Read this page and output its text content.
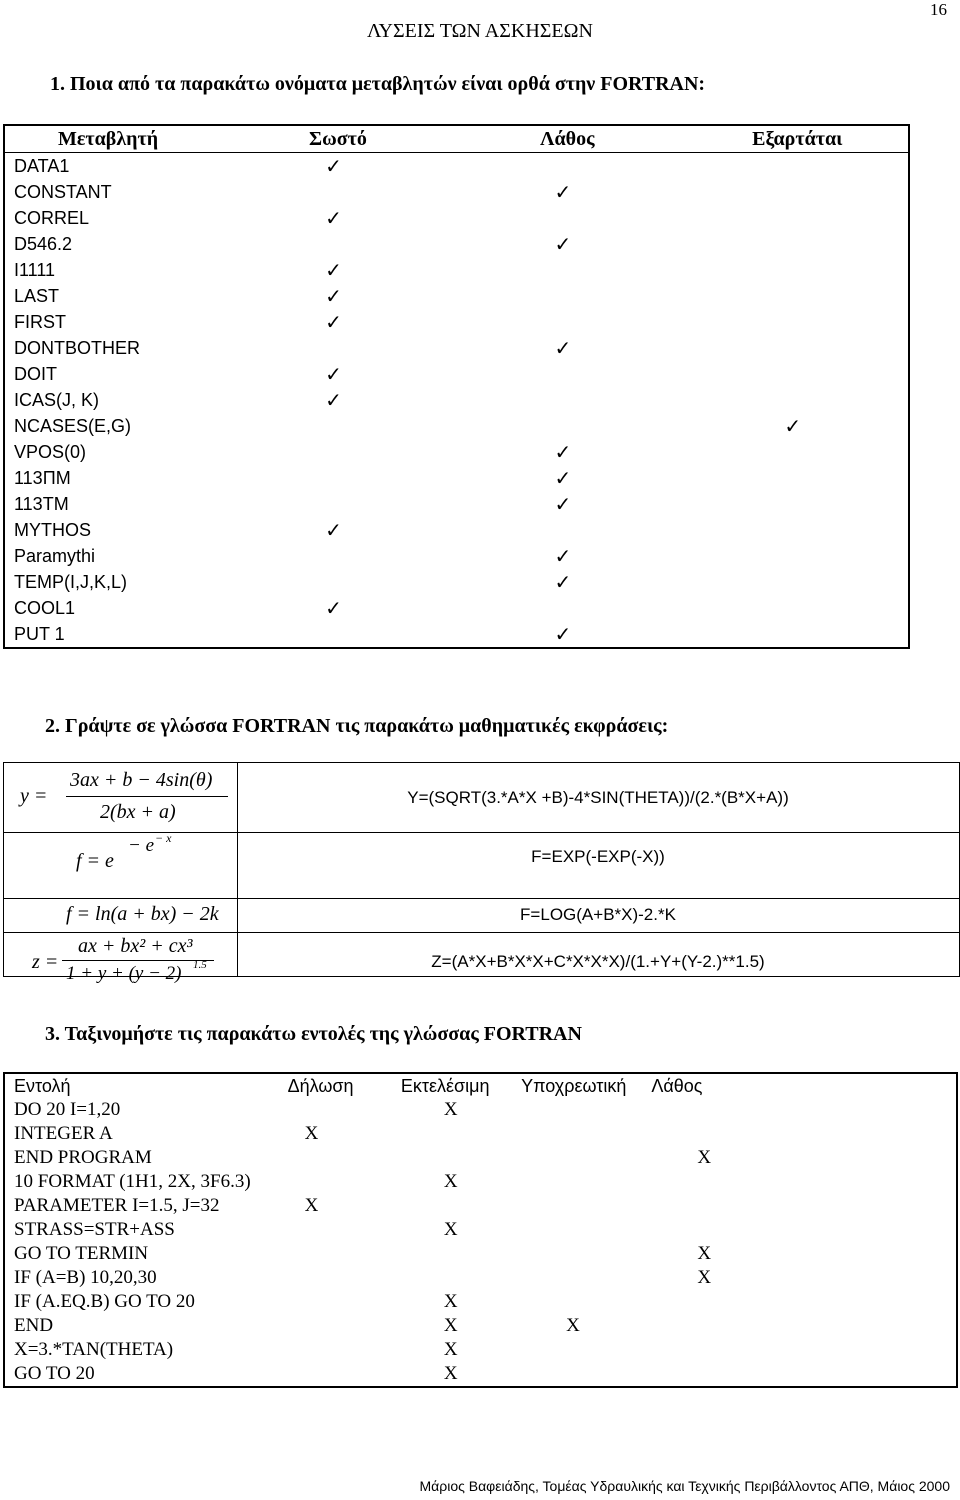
16
ΛΥΣΕΙΣ ΤΩΝ ΑΣΚΗΣΕΩΝ
1. Ποια από τα παρακάτω ονόματα μεταβλητών είναι ορθά στην FORTRAN:
Μεταβλητή	Σωστό	Λάθος	Εξαρτάται
DATA1	✓		
CONSTANT		✓	
CORREL	✓		
D546.2		✓	
I1111	✓		
LAST	✓		
FIRST	✓		
DONTBOTHER		✓	
DOIT	✓		
ICAS(J, K)	✓		
NCASES(E,G)			✓
VPOS(0)		✓	
113ΠΜ		✓	
113TM		✓	
MYTHOS	✓		
Paramythi		✓	
TEMP(I,J,K,L)		✓	
COOL1	✓		
PUT 1		✓	
2. Γράψτε σε γλώσσα FORTRAN τις παρακάτω μαθηματικές εκφράσεις:
y =
3ax + b − 4sin(θ)
2(bx + a)
Y=(SQRT(3.*A*X +B)-4*SIN(THETA))/(2.*(B*X+A))
f = e
− e − x
F=EXP(-EXP(-X))
f = ln(a + bx) − 2k	F=LOG(A+B*X)-2.*K
z =
ax + bx² + cx³
1 + y + (y − 2) 1.5	Z=(A*X+B*X*X+C*X*X*X)/(1.+Y+(Y-2.)**1.5)
3. Ταξινομήστε τις παρακάτω εντολές της γλώσσας FORTRAN
Εντολή	Δήλωση	Εκτελέσιμη	Υποχρεωτική	Λάθος
DO 20 I=1,20		X		
INTEGER A	X			
END PROGRAM				X
10 FORMAT (1H1, 2X, 3F6.3)		X		
PARAMETER I=1.5, J=32	X			
STRASS=STR+ASS		X		
GO TO TERMIN				X
IF (A=B) 10,20,30				X
IF (A.EQ.B) GO TO 20		X		
END		X	X	
X=3.*TAN(THETA)		X		
GO TO 20		X		
Μάριος Βαφειάδης, Τομέας Υδραυλικής και Τεχνικής Περιβάλλοντος ΑΠΘ, Μάιος 2000
